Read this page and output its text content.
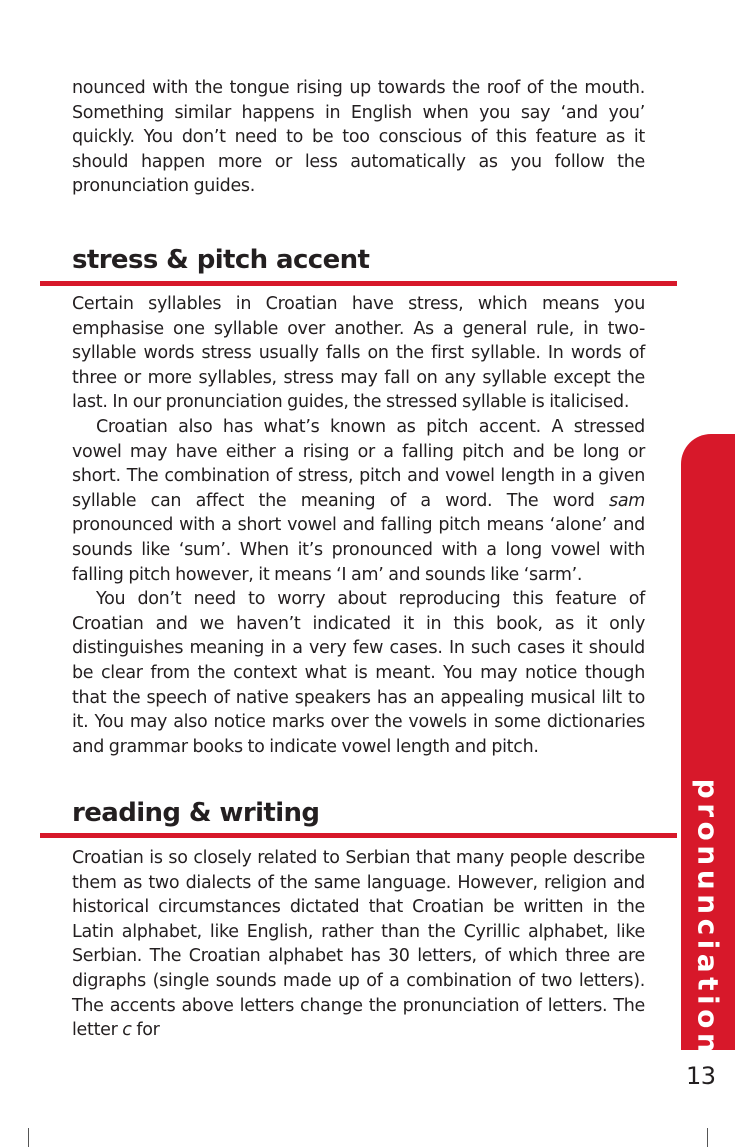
nounced with the tongue rising up towards the roof of the mouth. Something similar happens in English when you say ‘and you’ quickly. You don’t need to be too conscious of this feature as it should happen more or less automatically as you follow the pronunciation guides.

stress & pitch accent

Certain syllables in Croatian have stress, which means you emphasise one syllable over another. As a general rule, in two-syllable words stress usually falls on the first syllable. In words of three or more syllables, stress may fall on any syllable except the last. In our pronunciation guides, the stressed syllable is italicised.

Croatian also has what’s known as pitch accent. A stressed vowel may have either a rising or a falling pitch and be long or short. The combination of stress, pitch and vowel length in a given syllable can affect the meaning of a word. The word sam pronounced with a short vowel and falling pitch means ‘alone’ and sounds like ‘sum’. When it’s pronounced with a long vowel with falling pitch however, it means ‘I am’ and sounds like ‘sarm’.

You don’t need to worry about reproducing this feature of Croatian and we haven’t indicated it in this book, as it only distinguishes meaning in a very few cases. In such cases it should be clear from the context what is meant. You may notice though that the speech of native speakers has an appealing musical lilt to it. You may also notice marks over the vowels in some dictionaries and grammar books to indicate vowel length and pitch.

reading & writing

Croatian is so closely related to Serbian that many people describe them as two dialects of the same language. However, religion and historical circumstances dictated that Croatian be written in the Latin alphabet, like English, rather than the Cyrillic alphabet, like Serbian. The Croatian alphabet has 30 letters, of which three are digraphs (single sounds made up of a combination of two letters). The accents above letters change the pronunciation of letters. The letter c for	pronunciation
13
